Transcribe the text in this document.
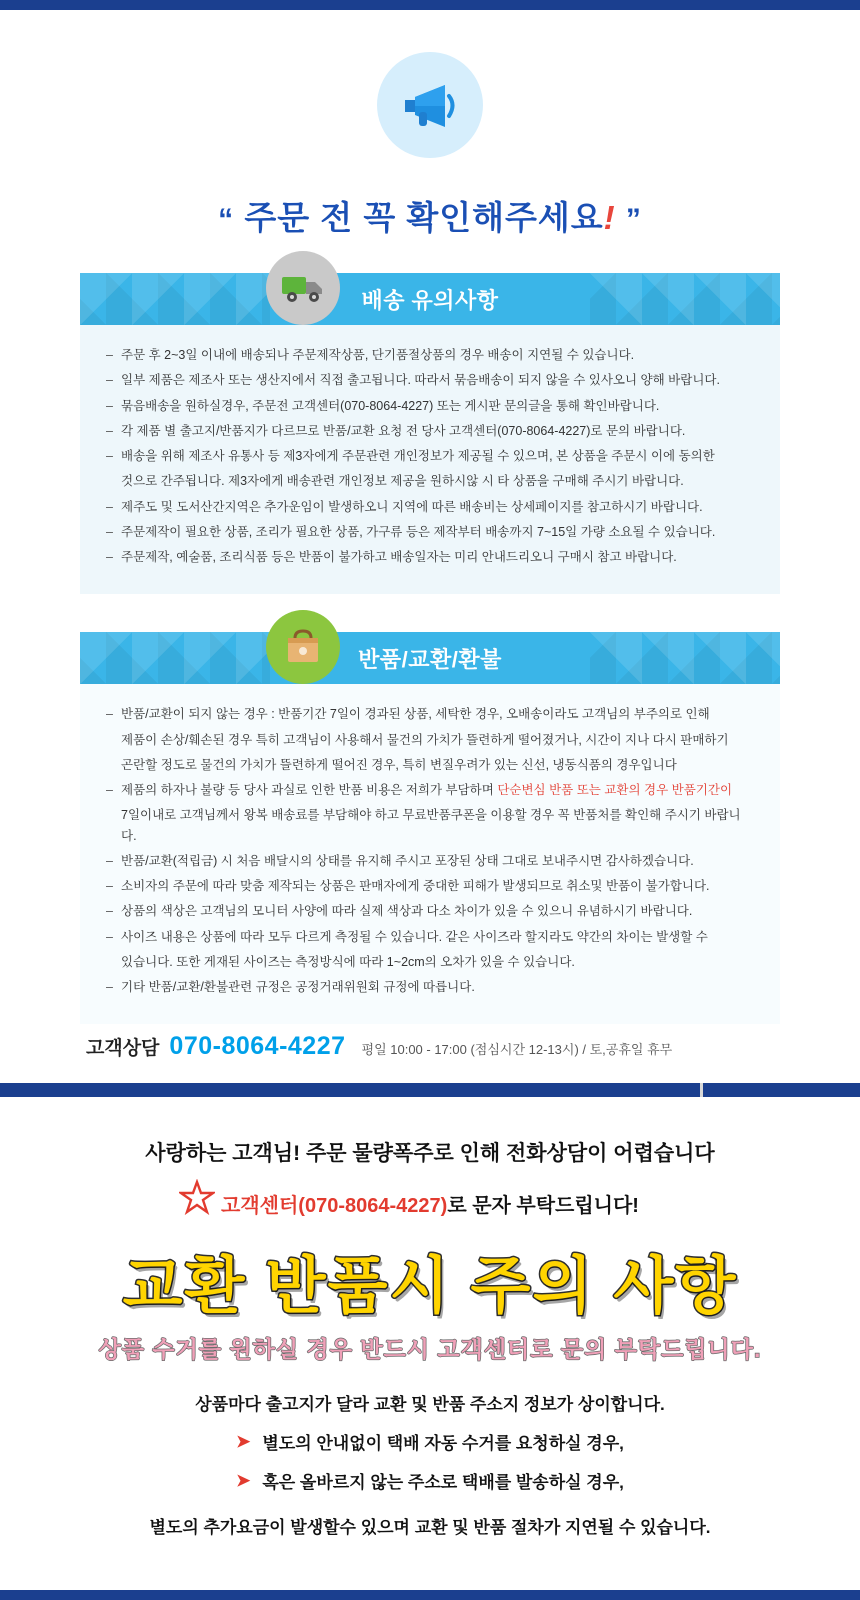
“ 주문 전 꼭 확인해주세요! ”
배송 유의사항
– 주문 후 2~3일 이내에 배송되나 주문제작상품, 단기품절상품의 경우 배송이 지연될 수 있습니다.
– 일부 제품은 제조사 또는 생산지에서 직접 출고됩니다. 따라서 묶음배송이 되지 않을 수 있사오니 양해 바랍니다.
– 묶음배송을 원하실경우, 주문전 고객센터(070-8064-4227) 또는 게시판 문의글을 통해 확인바랍니다.
– 각 제품 별 출고지/반품지가 다르므로 반품/교환 요청 전 당사 고객센터(070-8064-4227)로 문의 바랍니다.
– 배송을 위해 제조사 유통사 등 제3자에게 주문관련 개인정보가 제공될 수 있으며, 본 상품을 주문시 이에 동의한
것으로 간주됩니다. 제3자에게 배송관련 개인정보 제공을 원하시않 시 타 상품을 구매해 주시기 바랍니다.
– 제주도 및 도서산간지역은 추가운임이 발생하오니 지역에 따른 배송비는 상세페이지를 참고하시기 바랍니다.
– 주문제작이 필요한 상품, 조리가 필요한 상품, 가구류 등은 제작부터 배송까지 7~15일 가량 소요될 수 있습니다.
– 주문제작, 예술품, 조리식품 등은 반품이 불가하고 배송일자는 미리 안내드리오니 구매시 참고 바랍니다.
반품/교환/환불
– 반품/교환이 되지 않는 경우 : 반품기간 7일이 경과된 상품, 세탁한 경우, 오배송이라도 고객님의 부주의로 인해
제품이 손상/훼손된 경우 특히 고객님이 사용해서 물건의 가치가 뜰련하게 떨어졌거나, 시간이 지나 다시 판매하기
곤란할 정도로 물건의 가치가 뜰련하게 떨어진 경우, 특히 변질우려가 있는 신선, 냉동식품의 경우입니다
– 제품의 하자나 불량 등 당사 과실로 인한 반품 비용은 저희가 부담하며 단순변심 반품 또는 교환의 경우 반품기간이
7일이내로 고객님께서 왕복 배송료를 부담해야 하고 무료반품쿠폰을 이용할 경우 꼭 반품처를 확인해 주시기 바랍니다.
– 반품/교환(적립금) 시 처음 배달시의 상태를 유지해 주시고 포장된 상태 그대로 보내주시면 감사하겠습니다.
– 소비자의 주문에 따라 맞춤 제작되는 상품은 판매자에게 중대한 피해가 발생되므로 취소및 반품이 불가합니다.
– 상품의 색상은 고객님의 모니터 사양에 따라 실제 색상과 다소 차이가 있을 수 있으니 유념하시기 바랍니다.
– 사이즈 내용은 상품에 따라 모두 다르게 측정될 수 있습니다. 같은 사이즈라 할지라도 약간의 차이는 발생할 수
있습니다. 또한 게재된 사이즈는 측정방식에 따라 1~2cm의 오차가 있을 수 있습니다.
– 기타 반품/교환/환불관련 규정은 공정거래위원회 규정에 따릅니다.
고객상담 070-8064-4227 평일 10:00 - 17:00 (점심시간 12-13시) / 토,공휴일 휴무
사랑하는 고객님! 주문 물량폭주로 인해 전화상담이 어렵습니다
고객센터(070-8064-4227)로 문자 부탁드립니다!
교환 반품시 주의 사항
상품 수거를 원하실 경우 반드시 고객센터로 문의 부탁드립니다.
상품마다 출고지가 달라 교환 및 반품 주소지 정보가 상이합니다.
➤ 별도의 안내없이 택배 자동 수거를 요청하실 경우,
➤ 혹은 올바르지 않는 주소로 택배를 발송하실 경우,
별도의 추가요금이 발생할수 있으며 교환 및 반품 절차가 지연될 수 있습니다.
